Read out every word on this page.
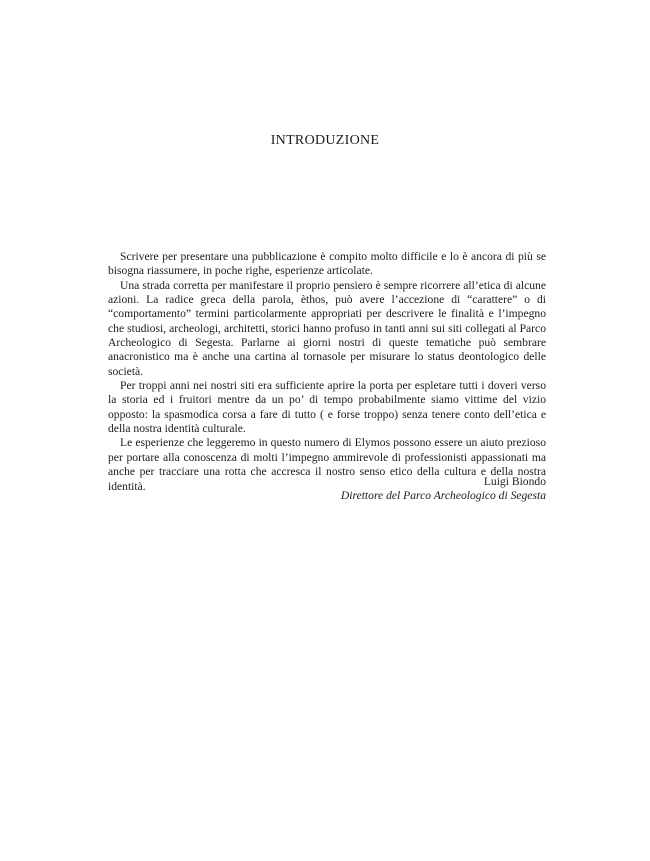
INTRODUZIONE

Scrivere per presentare una pubblicazione è compito molto difficile e lo è ancora di più se bisogna riassumere, in poche righe, esperienze articolate.

Una strada corretta per manifestare il proprio pensiero è sempre ricorrere all’etica di alcune azioni. La radice greca della parola, èthos, può avere l’accezione di “carattere” o di “comportamento” termini particolarmente appropriati per descrivere le finalità e l’impegno che studiosi, archeologi, architetti, storici hanno profuso in tanti anni sui siti collegati al Parco Archeologico di Segesta. Parlarne ai giorni nostri di queste tematiche può sembrare anacronistico ma è anche una cartina al tornasole per misurare lo status deontologico delle società.

Per troppi anni nei nostri siti era sufficiente aprire la porta per espletare tutti i doveri verso la storia ed i fruitori mentre da un po’ di tempo probabilmente siamo vittime del vizio opposto: la spasmodica corsa a fare di tutto ( e forse troppo) senza tenere conto dell’etica e della nostra identità culturale.

Le esperienze che leggeremo in questo numero di Elymos possono essere un aiuto prezioso per portare alla conoscenza di molti l’impegno ammirevole di professionisti appassionati ma anche per tracciare una rotta che accresca il nostro senso etico della cultura e della nostra identità.	Luigi Biondo
Direttore del Parco Archeologico di Segesta
